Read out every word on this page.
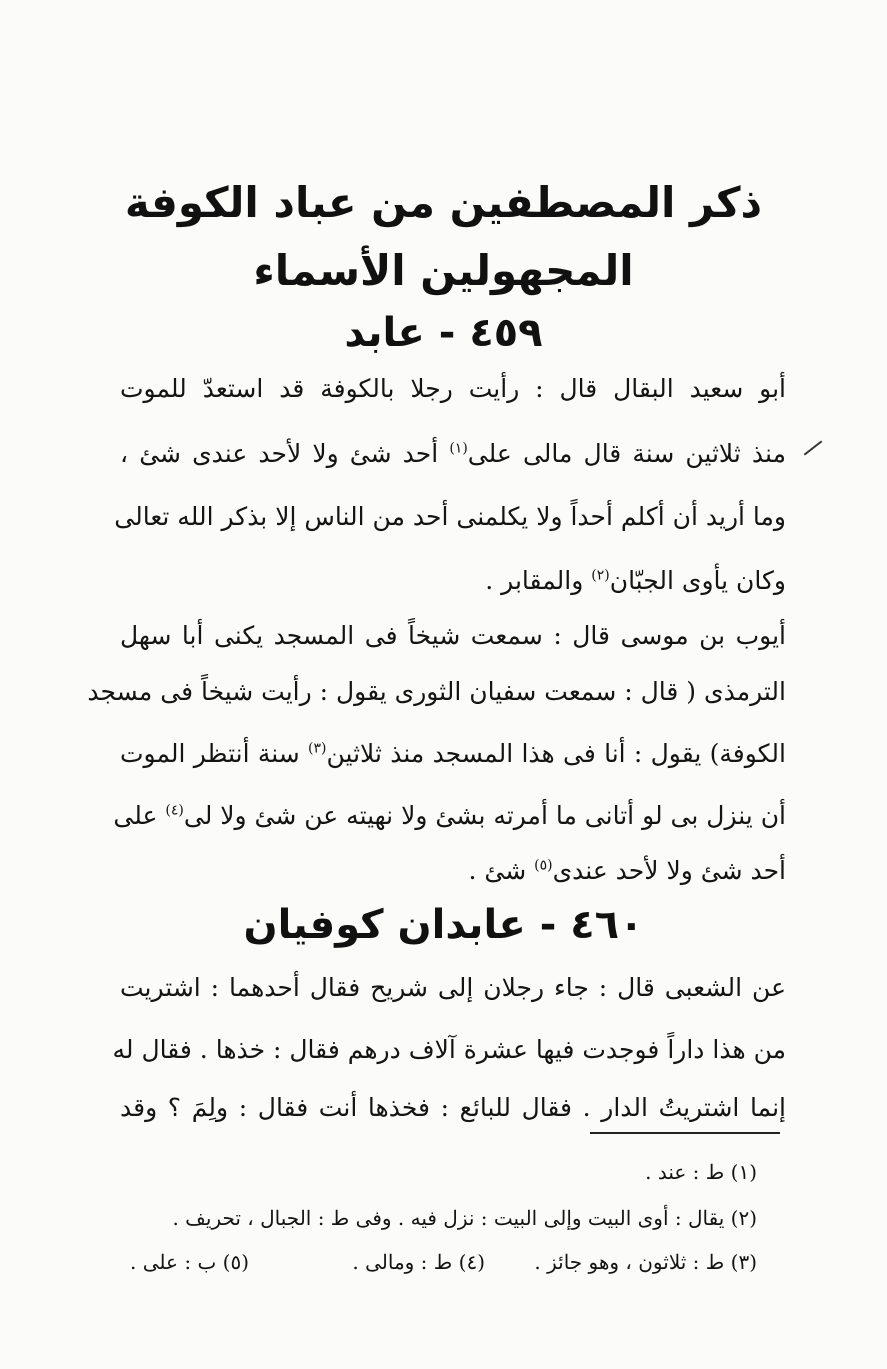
ذكر المصطفين من عباد الكوفة
المجهولين الأسماء
٤٥٩ - عابد
أبو سعيد البقال قال : رأيت رجلا بالكوفة قد استعدّ للموت
منذ ثلاثين سنة قال مالى على$^{(١)}$ أحد شئ ولا لأحد عندى شئ ،
وما أريد أن أكلم أحداً ولا يكلمنى أحد من الناس إلا بذكر الله تعالى
وكان يأوى الجبّان$^{(٢)}$ والمقابر .
أيوب بن موسى قال : سمعت شيخاً فى المسجد يكنى أبا سهل
الترمذى ( قال : سمعت سفيان الثورى يقول : رأيت شيخاً فى مسجد
الكوفة) يقول : أنا فى هذا المسجد منذ ثلاثين$^{(٣)}$ سنة أنتظر الموت
أن ينزل بى لو أتانى ما أمرته بشئ ولا نهيته عن شئ ولا لى$^{(٤)}$ على
أحد شئ ولا لأحد عندى$^{(٥)}$ شئ .
٤٦٠ - عابدان كوفيان
عن الشعبى قال : جاء رجلان إلى شريح فقال أحدهما : اشتريت
من هذا داراً فوجدت فيها عشرة آلاف درهم فقال : خذها . فقال له
إنما اشتريتُ الدار . فقال للبائع : فخذها أنت فقال : ولِمَ ؟ وقد
(١) ط : عند .
(٢) يقال : أوى البيت وإلى البيت : نزل فيه . وفى ط : الجبال ، تحريف .
(٣) ط : ثلاثون ، وهو جائز .
(٤) ط : ومالى .
(٥) ب : على .
